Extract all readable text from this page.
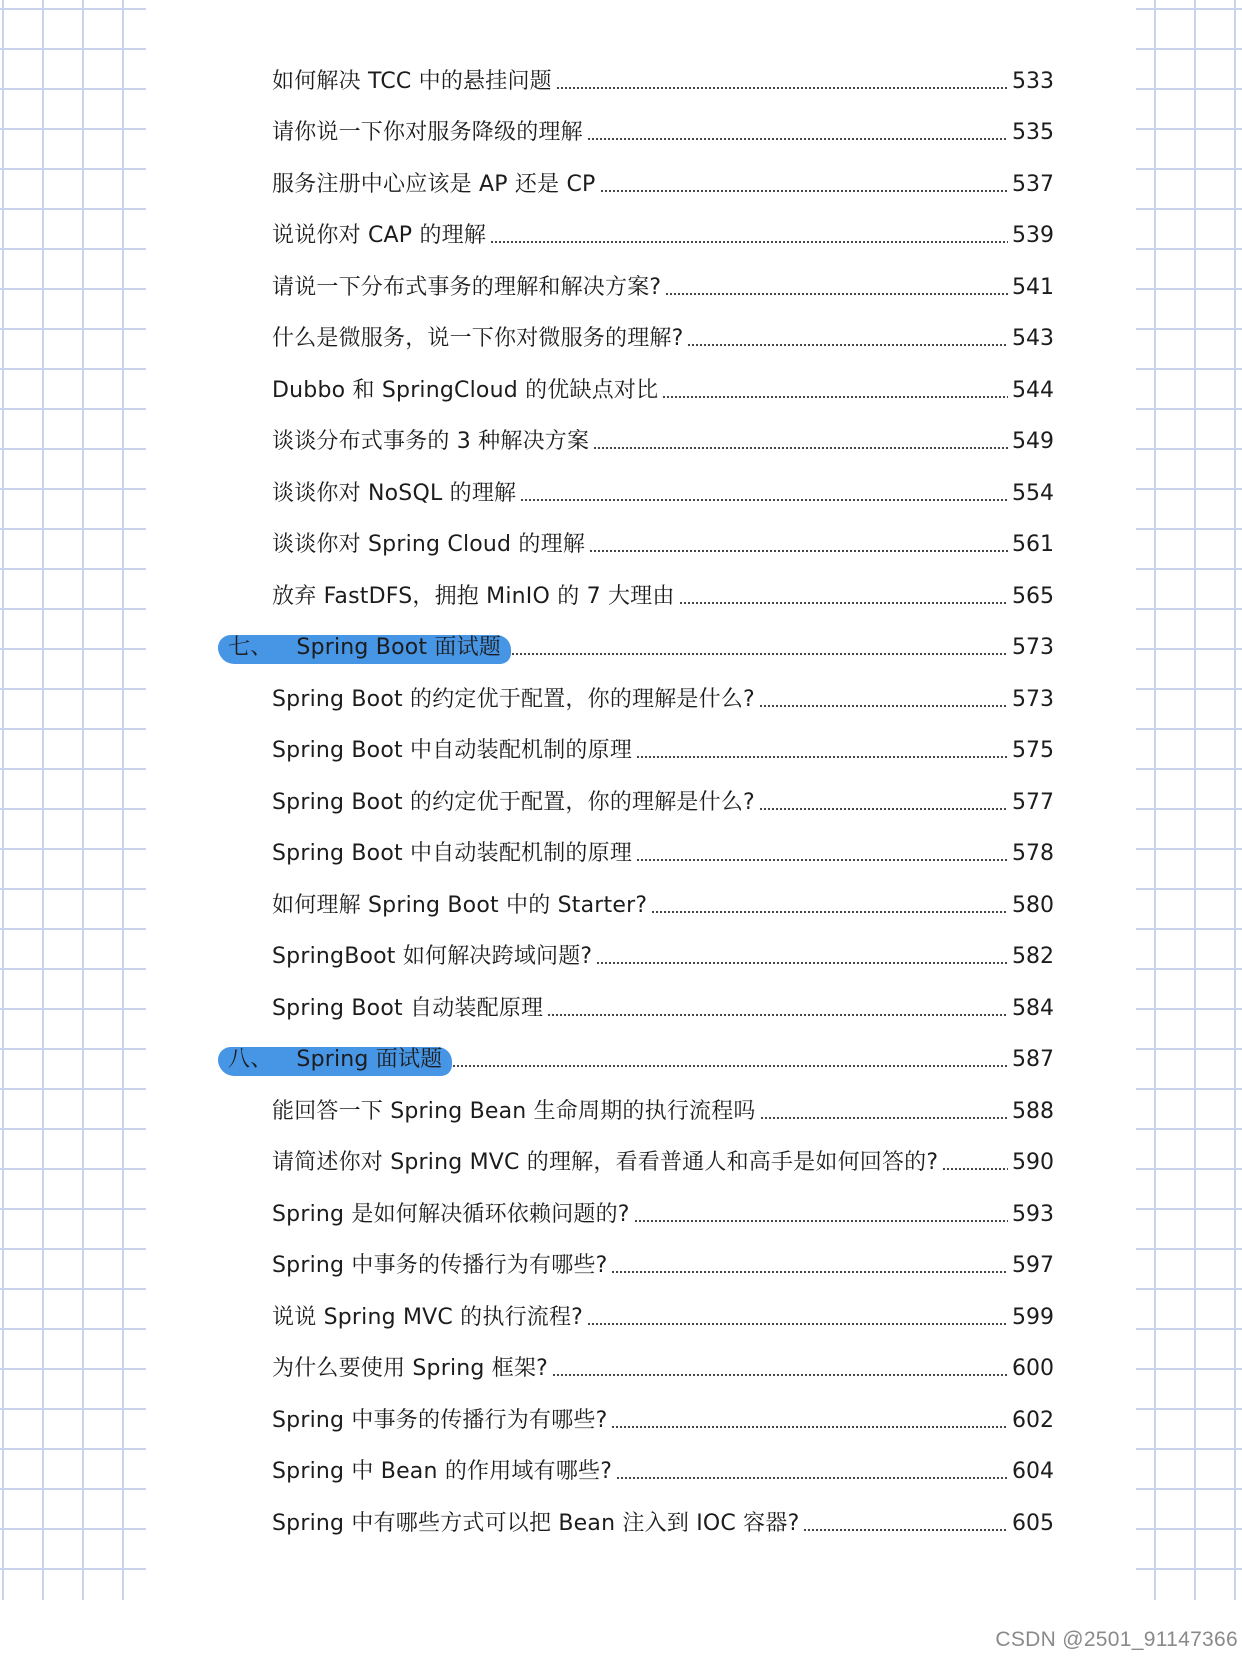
如何解决 TCC 中的悬挂问题	533
请你说一下你对服务降级的理解	535
服务注册中心应该是 AP 还是 CP	537
说说你对 CAP 的理解	539
请说一下分布式事务的理解和解决方案?	541
什么是微服务，说一下你对微服务的理解?	543
Dubbo 和 SpringCloud 的优缺点对比	544
谈谈分布式事务的 3 种解决方案	549
谈谈你对 NoSQL 的理解	554
谈谈你对 Spring Cloud 的理解	561
放弃 FastDFS，拥抱 MinIO 的 7 大理由	565
七、	Spring Boot 面试题	573
Spring Boot 的约定优于配置，你的理解是什么?	573
Spring Boot 中自动装配机制的原理	575
Spring Boot 的约定优于配置，你的理解是什么?	577
Spring Boot 中自动装配机制的原理	578
如何理解 Spring Boot 中的 Starter?	580
SpringBoot 如何解决跨域问题?	582
Spring Boot 自动装配原理	584
八、	Spring 面试题	587
能回答一下 Spring Bean 生命周期的执行流程吗	588
请简述你对 Spring MVC 的理解，看看普通人和高手是如何回答的?	590
Spring 是如何解决循环依赖问题的?	593
Spring 中事务的传播行为有哪些?	597
说说 Spring MVC 的执行流程?	599
为什么要使用 Spring 框架?	600
Spring 中事务的传播行为有哪些?	602
Spring 中 Bean 的作用域有哪些?	604
Spring 中有哪些方式可以把 Bean 注入到 IOC 容器?	605
CSDN @2501_91147366
